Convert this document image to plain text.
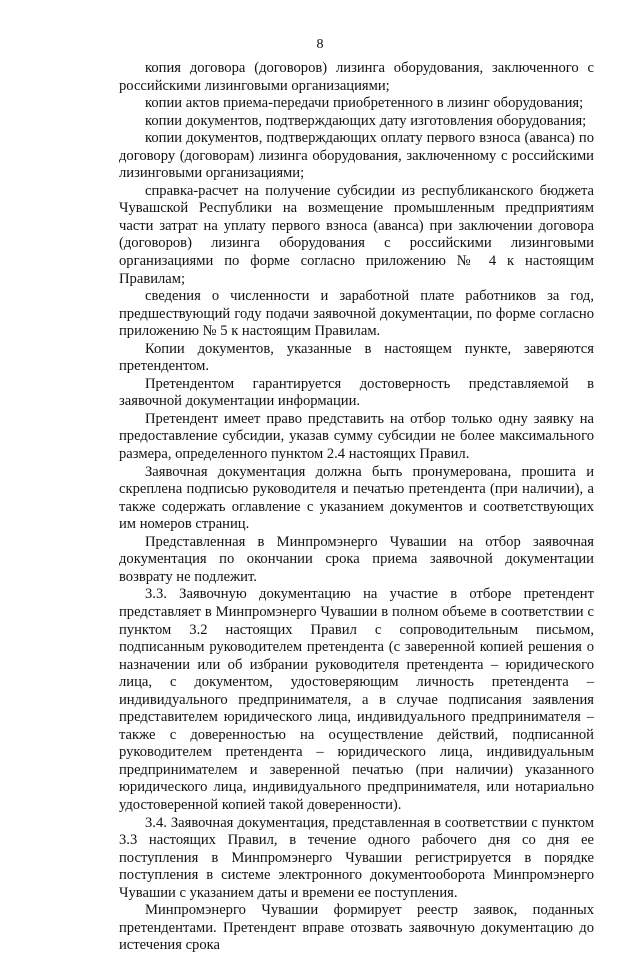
8

копия договора (договоров) лизинга оборудования, заключенного с российскими лизинговыми организациями;

копии актов приема-передачи приобретенного в лизинг оборудования;

копии документов, подтверждающих дату изготовления оборудования;

копии документов, подтверждающих оплату первого взноса (аванса) по договору (договорам) лизинга оборудования, заключенному с российскими лизинговыми организациями;

справка-расчет на получение субсидии из республиканского бюджета Чувашской Республики на возмещение промышленным предприятиям части затрат на уплату первого взноса (аванса) при заключении договора (договоров) лизинга оборудования с российскими лизинговыми организациями по форме согласно приложению № 4 к настоящим Правилам;

сведения о численности и заработной плате работников за год, предшествующий году подачи заявочной документации, по форме согласно приложению № 5 к настоящим Правилам.

Копии документов, указанные в настоящем пункте, заверяются претендентом.

Претендентом гарантируется достоверность представляемой в заявочной документации информации.

Претендент имеет право представить на отбор только одну заявку на предоставление субсидии, указав сумму субсидии не более максимального размера, определенного пунктом 2.4 настоящих Правил.

Заявочная документация должна быть пронумерована, прошита и скреплена подписью руководителя и печатью претендента (при наличии), а также содержать оглавление с указанием документов и соответствующих им номеров страниц.

Представленная в Минпромэнерго Чувашии на отбор заявочная документация по окончании срока приема заявочной документации возврату не подлежит.

3.3. Заявочную документацию на участие в отборе претендент представляет в Минпромэнерго Чувашии в полном объеме в соответствии с пунктом 3.2 настоящих Правил с сопроводительным письмом, подписанным руководителем претендента (с заверенной копией решения о назначении или об избрании руководителя претендента – юридического лица, с документом, удостоверяющим личность претендента – индивидуального предпринимателя, а в случае подписания заявления представителем юридического лица, индивидуального предпринимателя – также с доверенностью на осуществление действий, подписанной руководителем претендента – юридического лица, индивидуальным предпринимателем и заверенной печатью (при наличии) указанного юридического лица, индивидуального предпринимателя, или нотариально удостоверенной копией такой доверенности).

3.4. Заявочная документация, представленная в соответствии с пунктом 3.3 настоящих Правил, в течение одного рабочего дня со дня ее поступления в Минпромэнерго Чувашии регистрируется в порядке поступления в системе электронного документооборота Минпромэнерго Чувашии с указанием даты и времени ее поступления.

Минпромэнерго Чувашии формирует реестр заявок, поданных претендентами. Претендент вправе отозвать заявочную документацию до истечения срока
